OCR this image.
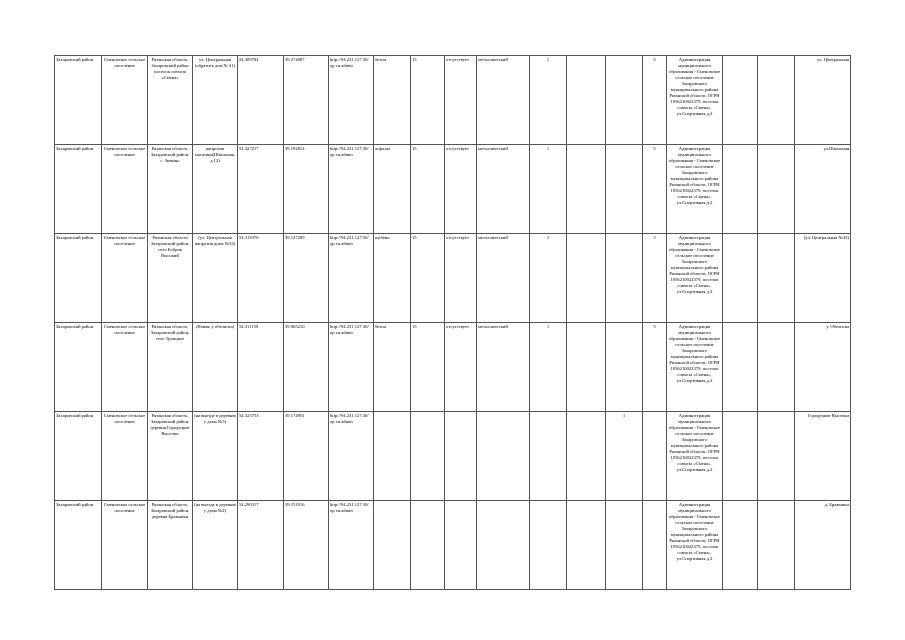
Захаровский район	Сменовское сельское поселение	Рязанская область, Захаровский район поселок совхоза «Смена»	ул. Центральная (обратить дом № 21)	54.309784	39.274087	http://94.231.127.30/ор гн.admin	бетон	15	отсутствует	металлический	1			5	Администрация муниципального образования - Сменовское сельское поселение Захаровского муниципального района Рязанской области, ОГРН 1056210022379, поселок совхоза «Смена», ул.Спортивная д.2			ул. Центральная
Захаровский район	Сменовское сельское поселение	Рязанская область, Захаровский район, с. Зимино	напротив магазина(Школьная,д.12)	54.327217	39.192814	http://94.231.127.30/ор гн.admin	асфальт	15	отсутствует	металлический	1			5	Администрация муниципального образования - Сменовское сельское поселение Захаровского муниципального района Рязанской области, ОГРН 1056210022379, поселок совхоза «Смена», ул.Спортивная д.2			ул.Школьная
Захаровский район	Сменовское сельское поселение	Рязанская область Захаровский район, село Бобров Высокий	(ул. Центральная напротив дома №33)	54.313376	39.127289	http://94.231.127.30/ор гн.admin	щебень	15	отсутствует	металлический	1			5	Администрация муниципального образования - Сменовское сельское поселение Захаровского муниципального района Рязанской области, ОГРН 1056210022379, поселок совхоза «Смена», ул.Спортивная д.2			(ул. Центральная №33)
Захаровский район	Сменовское сельское поселение	Рязанская область, Захаровский район, село Троицкое	(Новая, у обелиска)	54.311159	39.065210	http://94.231.127.30/ор гн.admin	бетон	15	отсутствует	металлический	1			5	Администрация муниципального образования - Сменовское сельское поселение Захаровского муниципального района Рязанской области, ОГРН 1056210022379, поселок совхоза «Смена», ул.Спортивная д.2			у. Обелиска
Захаровский район	Сменовское сельское поселение	Рязанская область, Захаровский район, деревня Городецкие Выселки	(на выезде в деревню у дома №5)	54.323753	39.174951	http://94.231.127.30/ор гн.admin							1		Администрация муниципального образования - Сменовское сельское поселение Захаровского муниципального района Рязанской области, ОГРН 1056210022379, поселок совхоза «Смена», ул.Спортивная д.2			Городецкие Выселки
Захаровский район	Сменовское сельское поселение	Рязанская область, Захаровский район, деревня Бражники	(на выезде в деревню у дома №2)	54.290317	39.151016	http://94.231.127.30/ор гн.admin									Администрация муниципального образования - Сменовское сельское поселение Захаровского муниципального района Рязанской области, ОГРН 1056210022379, поселок совхоза «Смена», ул.Спортивная д.2			д. Бражники
